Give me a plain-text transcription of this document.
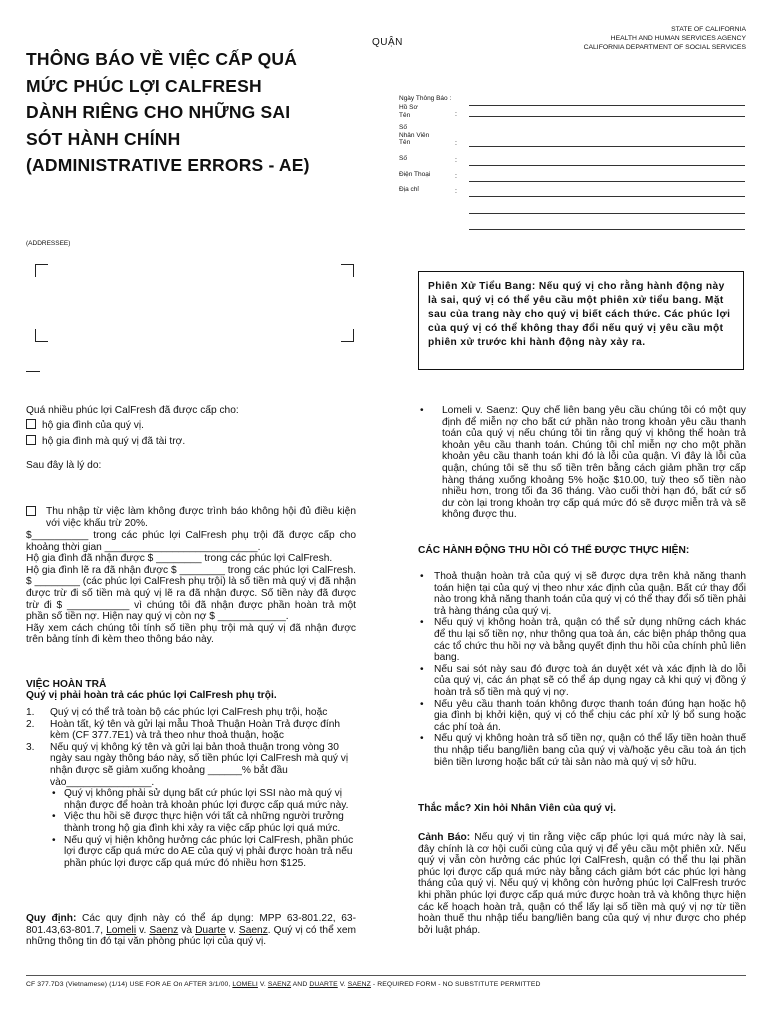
STATE OF CALIFORNIA
HEALTH AND HUMAN SERVICES AGENCY
CALIFORNIA DEPARTMENT OF SOCIAL SERVICES
QUẬN
THÔNG BÁO VỀ VIỆC CẤP QUÁ
MỨC PHÚC LỢI CALFRESH
DÀNH RIÊNG CHO NHỮNG SAI
SÓT HÀNH CHÍNH
(ADMINISTRATIVE ERRORS - AE)
Ngày Thông Báo :
Hồ Sơ
Tên	:
Số
Nhân Viên
Tên	:
Số	:
Điện Thoại	:
Địa chỉ	:
(ADDRESSEE)
Phiên Xử Tiểu Bang: Nếu quý vị cho rằng hành động này là sai, quý vị có thể yêu cầu một phiên xử tiểu bang. Mặt sau của trang này cho quý vị biết cách thức. Các phúc lợi của quý vị có thể không thay đổi nếu quý vị yêu cầu một phiên xử trước khi hành động này xảy ra.
Quá nhiều phúc lợi CalFresh đã được cấp cho:
hộ gia đình của quý vị.
hộ gia đình mà quý vị đã tài trợ.
Sau đây là lý do:

Thu nhập từ việc làm không được trình báo không hội đủ điều kiện với việc khấu trừ 20%.

$__________ trong các phúc lợi CalFresh phụ trội đã được cấp cho khoảng thời gian ___________________________.

Hộ gia đình đã nhận được $ ________ trong các phúc lợi CalFresh.

Hộ gia đình lẽ ra đã nhận được $ ________ trong các phúc lợi CalFresh. $ ________ (các phúc lợi CalFresh phụ trội) là số tiền mà quý vị đã nhận được trừ đi số tiền mà quý vị lẽ ra đã nhận được. Số tiền này đã được trừ đi $ ___________ vì chúng tôi đã nhận được phần hoàn trả một phần số tiền nợ. Hiện nay quý vị còn nợ $ ____________.

Hãy xem cách chúng tôi tính số tiền phụ trội mà quý vị đã nhận được trên bảng tính đi kèm theo thông báo này.

VIỆC HOÀN TRẢ
Quý vị phải hoàn trả các phúc lợi CalFresh phụ trội.
1. Quý vị có thể trả toàn bộ các phúc lợi CalFresh phụ trội, hoặc
2. Hoàn tất, ký tên và gửi lại mẫu Thoả Thuận Hoàn Trả được đính kèm (CF 377.7E1) và trả theo như thoả thuận, hoặc
3. Nếu quý vị không ký tên và gửi lại bản thoả thuận trong vòng 30 ngày sau ngày thông báo này, số tiền phúc lợi CalFresh mà quý vị nhận được sẽ giảm xuống khoảng ______% bắt đầu vào_______________.
• Quý vị không phải sử dụng bất cứ phúc lợi SSI nào mà quý vị nhận được để hoàn trả khoản phúc lợi được cấp quá mức này.
• Việc thu hồi sẽ được thực hiện với tất cả những người trưởng thành trong hộ gia đình khi xảy ra việc cấp phúc lợi quá mức.
• Nếu quý vị hiện không hưởng các phúc lợi CalFresh, phần phúc lợi được cấp quá mức do AE của quý vị phải được hoàn trả nếu phần phúc lợi được cấp quá mức đó nhiều hơn $125.
Quy định: Các quy định này có thể áp dụng: MPP 63-801.22, 63-801.43,63-801.7, Lomeli v. Saenz và Duarte v. Saenz. Quý vị có thể xem những thông tin đó tại văn phòng phúc lợi của quý vị.

• Lomeli v. Saenz: Quy chế liên bang yêu cầu chúng tôi có một quy định để miễn nợ cho bất cứ phần nào trong khoản yêu cầu thanh toán của quý vị nếu chúng tôi tin rằng quý vị không thể hoàn trả khoản yêu cầu thanh toán. Chúng tôi chỉ miễn nợ cho một phần khoản yêu cầu thanh toán khi đó là lỗi của quận. Vì đây là lỗi của quận, chúng tôi sẽ thu số tiền trên bằng cách giảm phần trợ cấp hàng tháng xuống khoảng 5% hoặc $10.00, tuỳ theo số tiền nào nhiều hơn, trong tối đa 36 tháng. Vào cuối thời hạn đó, bất cứ số dư còn lại trong khoản trợ cấp quá mức đó sẽ được miễn trả và sẽ không được thu.

CÁC HÀNH ĐỘNG THU HỒI CÓ THỂ ĐƯỢC THỰC HIỆN:

• Thoả thuận hoàn trả của quý vị sẽ được dựa trên khả năng thanh toán hiện tại của quý vị theo như xác định của quận. Bất cứ thay đổi nào trong khả năng thanh toán của quý vị có thể thay đổi số tiền phải trả hàng tháng của quý vị.

• Nếu quý vị không hoàn trả, quận có thể sử dụng những cách khác để thu lại số tiền nợ, như thông qua toà án, các biện pháp thông qua các tổ chức thu hồi nợ và bằng quyết định thu hồi của chính phủ liên bang.

• Nếu sai sót này sau đó được toà án duyệt xét và xác định là do lỗi của quý vị, các án phạt sẽ có thể áp dụng ngay cả khi quý vị đồng ý hoàn trả số tiền mà quý vị nợ.

• Nếu yêu cầu thanh toán không được thanh toán đúng hạn hoặc hộ gia đình bị khởi kiện, quý vị có thể chịu các phí xử lý bổ sung hoặc các phí toà án.

• Nếu quý vị không hoàn trả số tiền nợ, quận có thể lấy tiền hoàn thuế thu nhập tiểu bang/liên bang của quý vị và/hoặc yêu cầu toà án tịch biên tiền lương hoặc bất cứ tài sản nào mà quý vị sở hữu.

Thắc mắc? Xin hỏi Nhân Viên của quý vị.
Cảnh Báo: Nếu quý vị tin rằng việc cấp phúc lợi quá mức này là sai, đây chính là cơ hội cuối cùng của quý vị để yêu cầu một phiên xử. Nếu quý vị vẫn còn hưởng các phúc lợi CalFresh, quận có thể thu lại phần phúc lợi được cấp quá mức này bằng cách giảm bớt các phúc lợi hàng tháng của quý vị. Nếu quý vị không còn hưởng phúc lợi CalFresh trước khi phần phúc lợi được cấp quá mức được hoàn trả và không thực hiện các kế hoạch hoàn trả, quận có thể lấy lại số tiền mà quý vị nợ từ tiền hoàn thuế thu nhập tiểu bang/liên bang của quý vị như được cho phép bởi luật pháp.
CF 377.7D3 (Vietnamese) (1/14) USE FOR AE On AFTER 3/1/00, LOMELI V. SAENZ AND DUARTE V. SAENZ - REQUIRED FORM - NO SUBSTITUTE PERMITTED
